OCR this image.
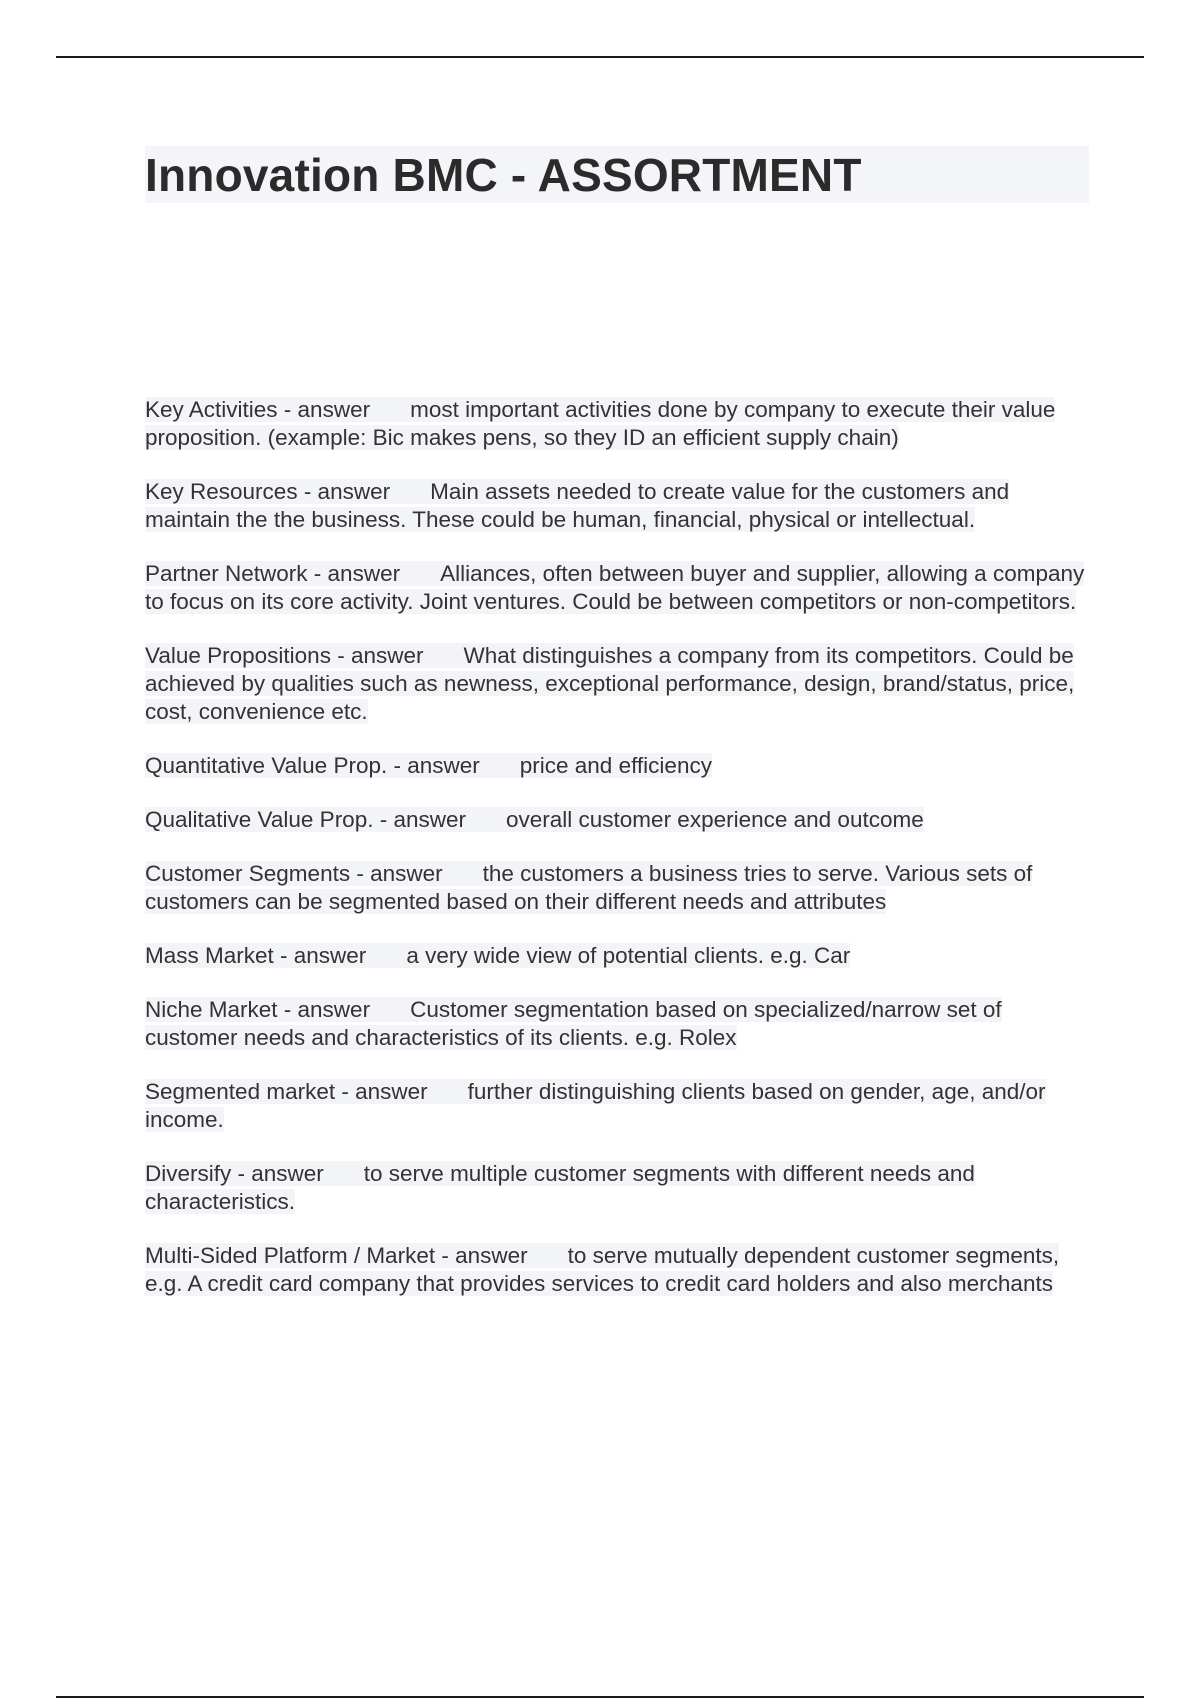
Innovation BMC - ASSORTMENT

Key Activities - answer most important activities done by company to execute their value proposition. (example: Bic makes pens, so they ID an efficient supply chain)

Key Resources - answer Main assets needed to create value for the customers and maintain the the business. These could be human, financial, physical or intellectual.

Partner Network - answer Alliances, often between buyer and supplier, allowing a company to focus on its core activity. Joint ventures. Could be between competitors or non-competitors.

Value Propositions - answer What distinguishes a company from its competitors. Could be achieved by qualities such as newness, exceptional performance, design, brand/status, price, cost, convenience etc.

Quantitative Value Prop. - answer price and efficiency

Qualitative Value Prop. - answer overall customer experience and outcome

Customer Segments - answer the customers a business tries to serve. Various sets of customers can be segmented based on their different needs and attributes

Mass Market - answer a very wide view of potential clients. e.g. Car

Niche Market - answer Customer segmentation based on specialized/narrow set of customer needs and characteristics of its clients. e.g. Rolex

Segmented market - answer further distinguishing clients based on gender, age, and/or income.

Diversify - answer to serve multiple customer segments with different needs and characteristics.

Multi-Sided Platform / Market - answer to serve mutually dependent customer segments, e.g. A credit card company that provides services to credit card holders and also merchants
